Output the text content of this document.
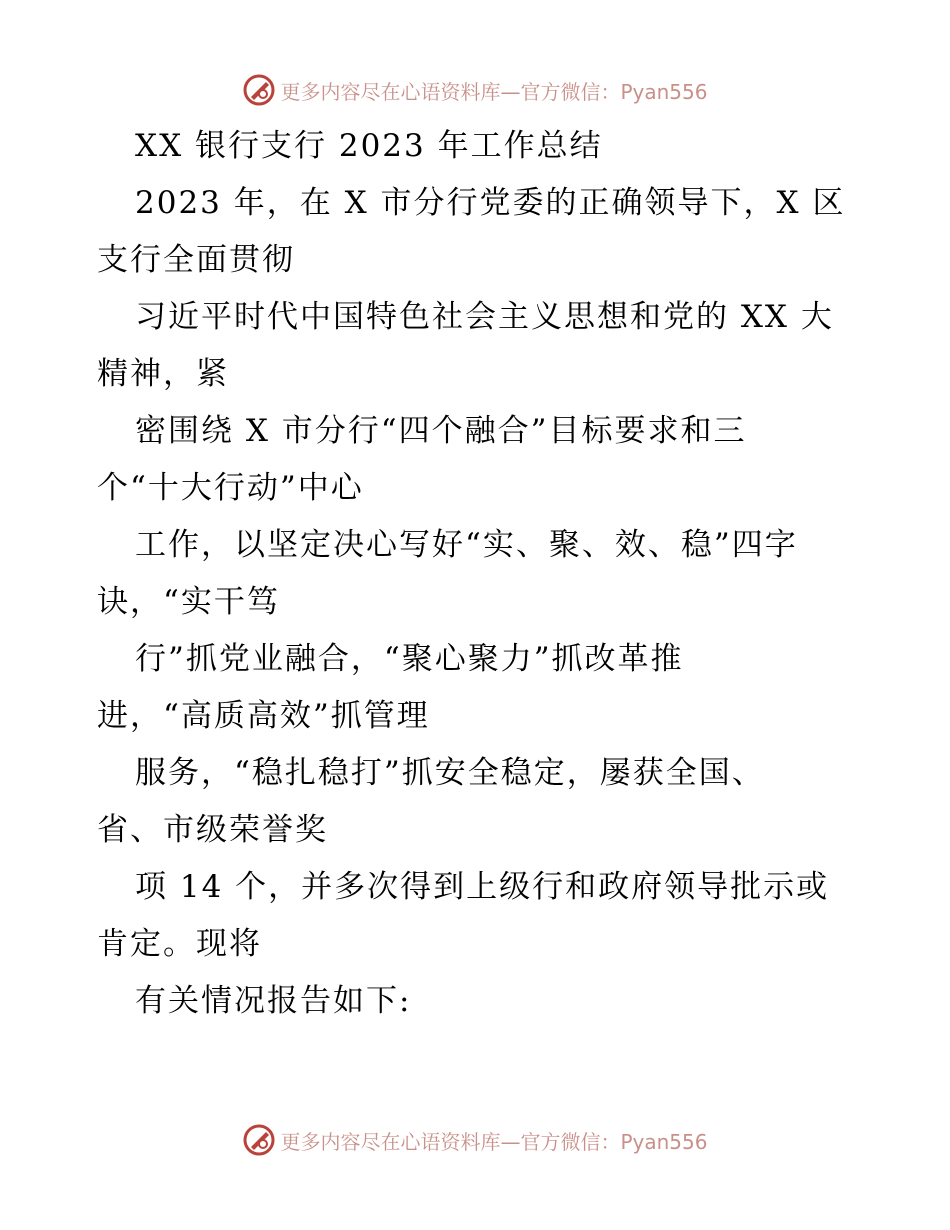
更多内容尽在心语资料库—官方微信：Pyan556
XX 银行支行 2023 年工作总结
2023 年，在 X 市分行党委的正确领导下，X 区
支行全面贯彻
习近平时代中国特色社会主义思想和党的 XX 大
精神，紧
密围绕 X 市分行“四个融合”目标要求和三
个“十大行动”中心
工作，以坚定决心写好“实、聚、效、稳”四字
诀，“实干笃
行”抓党业融合，“聚心聚力”抓改革推
进，“高质高效”抓管理
服务，“稳扎稳打”抓安全稳定，屡获全国、
省、市级荣誉奖
项 14 个，并多次得到上级行和政府领导批示或
肯定。现将
有关情况报告如下:
更多内容尽在心语资料库—官方微信：Pyan556
